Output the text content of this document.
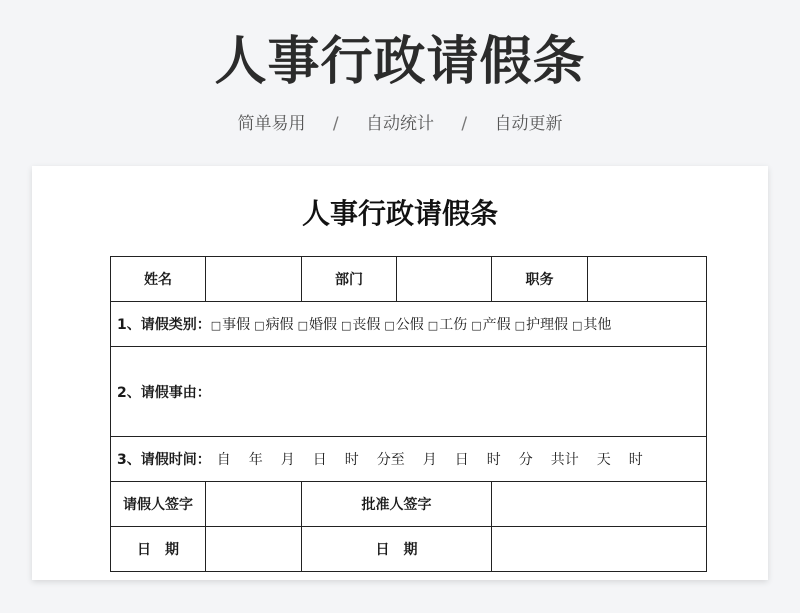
人事行政请假条
简单易用 / 自动统计 / 自动更新
人事行政请假条
姓名		部门		职务	
1、请假类别：□事假 □病假 □婚假 □丧假 □公假 □工伤 □产假 □护理假 □其他					
2、请假事由：					
3、请假时间： 自 年 月 日 时 分至 月 日 时 分 共计 天 时					
请假人签字		批准人签字			
日　期		日　期			
